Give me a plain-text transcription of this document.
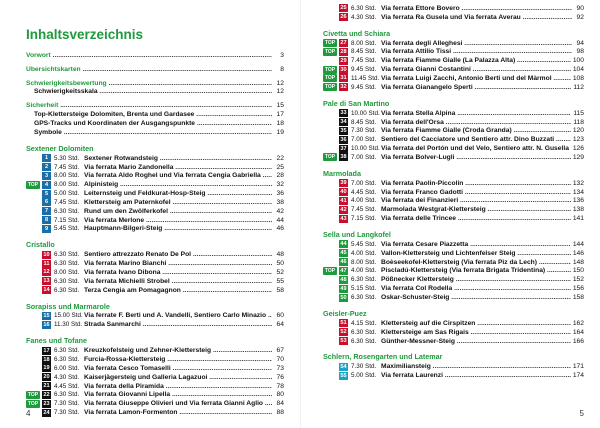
Inhaltsverzeichnis
Vorwort .....	3
Übersichtskarten .....	8
Schwierigkeitsbewertung .....	12
Schwierigkeitsskala .....	12
Sicherheit .....	15
Top-Klettersteige Dolomiten, Brenta und Gardasee .....	17
GPS-Tracks und Koordinaten der Ausgangspunkte .....	18
Symbole .....	19
Sextener Dolomiten
1 5.30 Std. Sextener Rotwandsteig .....	22
2 7.45 Std. Via ferrata Mario Zandonella .....	25
3 8.00 Std. Via ferrata Aldo Roghel und Via ferrata Cengia Gabriella .....	28
TOP	4 8.00 Std. Alpinisteig .....	32
5 5.00 Std. Leiternsteig und Feldkurat-Hosp-Steig .....	36
6 7.45 Std. Klettersteig am Paternkofel .....	38
7 6.30 Std. Rund um den Zwölferkofel .....	42
8 7.15 Std. Via ferrata Merlone .....	44
9 5.45 Std. Hauptmann-Bilgeri-Steig .....	46
Cristallo
10 6.30 Std. Sentiero attrezzato Renato De Pol .....	48
11 6.30 Std. Via ferrata Marino Bianchi .....	50
12 8.00 Std. Via ferrata Ivano Dibona .....	52
13 6.30 Std. Via ferrata Michielli Strobel .....	55
14 6.30 Std. Terza Cengia am Pomagagnon .....	58
Sorapiss und Marmarole
15 15.00 Std. Via ferrate F. Berti und A. Vandelli, Sentiero Carlo Minazio .....	60
16 11.30 Std. Strada Sanmarchi .....	64
Fanes und Tofane
17 6.30 Std. Kreuzkofelsteig und Zehner-Klettersteig .....	67
18 6.30 Std. Furcia-Rossa-Klettersteig .....	70
19 6.00 Std. Via ferrata Cesco Tomaselli .....	73
20 4.30 Std. Kaiserjägersteig und Galleria Lagazuoi .....	76
21 4.45 Std. Via ferrata della Piramida .....	78
TOP 22 6.30 Std. Via ferrata Giovanni Lipella .....	80
TOP 23 7.30 Std. Via ferrata Giuseppe Olivieri und Via ferrata Gianni Aglio .....	84
24 7.30 Std. Via ferrata Lamon-Formenton .....	88
4
25 6.30 Std. Via ferrata Ettore Bovero .....	90
26 4.30 Std. Via ferrata Ra Gusela und Via ferrata Averau .....	92
Civetta und Schiara
TOP 27 8.00 Std. Via ferrata degli Alleghesi .....	94
TOP 28 8.45 Std. Via ferrata Attilio Tissi .....	98
29 7.45 Std. Via ferrata Fiamme Gialle (La Palazza Alta) .....	100
TOP 30 9.45 Std. Via ferrata Gianni Costantini .....	104
TOP 31 11.45 Std. Via ferrata Luigi Zacchi, Antonio Berti und del Màrmol .....	108
TOP 32 9.45 Std. Via ferrata Gianangelo Sperti .....	112
Pale di San Martino
33 10.00 Std. Via ferrata Stella Alpina .....	115
34 8.45 Std. Via ferrata dell'Orsa .....	118
35 7.30 Std. Via ferrata Fiamme Gialle (Croda Granda) .....	120
36 7.00 Std. Sentiero del Cacciatore und Sentiero attr. Dino Buzzati .....	123
37 10.00 Std. Via ferrata del Portón und del Velo, Sentiero attr. N. Gusella ..... 126
TOP 38 7.00 Std. Via ferrata Bolver-Lugli .....	129
Marmolada
39 7.00 Std. Via ferrata Paolin-Piccolin .....	132
40 4.45 Std. Via ferrata Franco Gadotti .....	134
41 4.00 Std. Via ferrata dei Finanzieri .....	136
42 7.45 Std. Marmolada Westgrat-Klettersteig .....	138
43 7.15 Std. Via ferrata delle Trincee .....	141
Sella und Langkofel
44 5.45 Std. Via ferrata Cesare Piazzetta .....	144
45 4.00 Std. Vallon-Klettersteig und Lichtenfelser Steig .....	146
46 8.00 Std. Boèseekofel-Klettersteig (Via ferrata Piz da Lech) .....	148
TOP 47 4.00 Std. Piscladú-Klettersteig (Via ferrata Brigata Tridentina) .....	150
48 6.30 Std. Pößnecker Klettersteig .....	152
49 5.15 Std. Via ferrata Col Rodella .....	156
50 6.30 Std. Oskar-Schuster-Steig .....	158
Geisler-Puez
51 4.15 Std. Klettersteig auf die Cirspitzen .....	162
52 6.30 Std. Klettersteige am Sas Rigais .....	164
53 6.30 Std. Günther-Messner-Steig .....	166
Schlern, Rosengarten und Latemar
54 7.30 Std. Maximiliansteig .....	171
55 5.00 Std. Via ferrata Laurenzi .....	174
5
